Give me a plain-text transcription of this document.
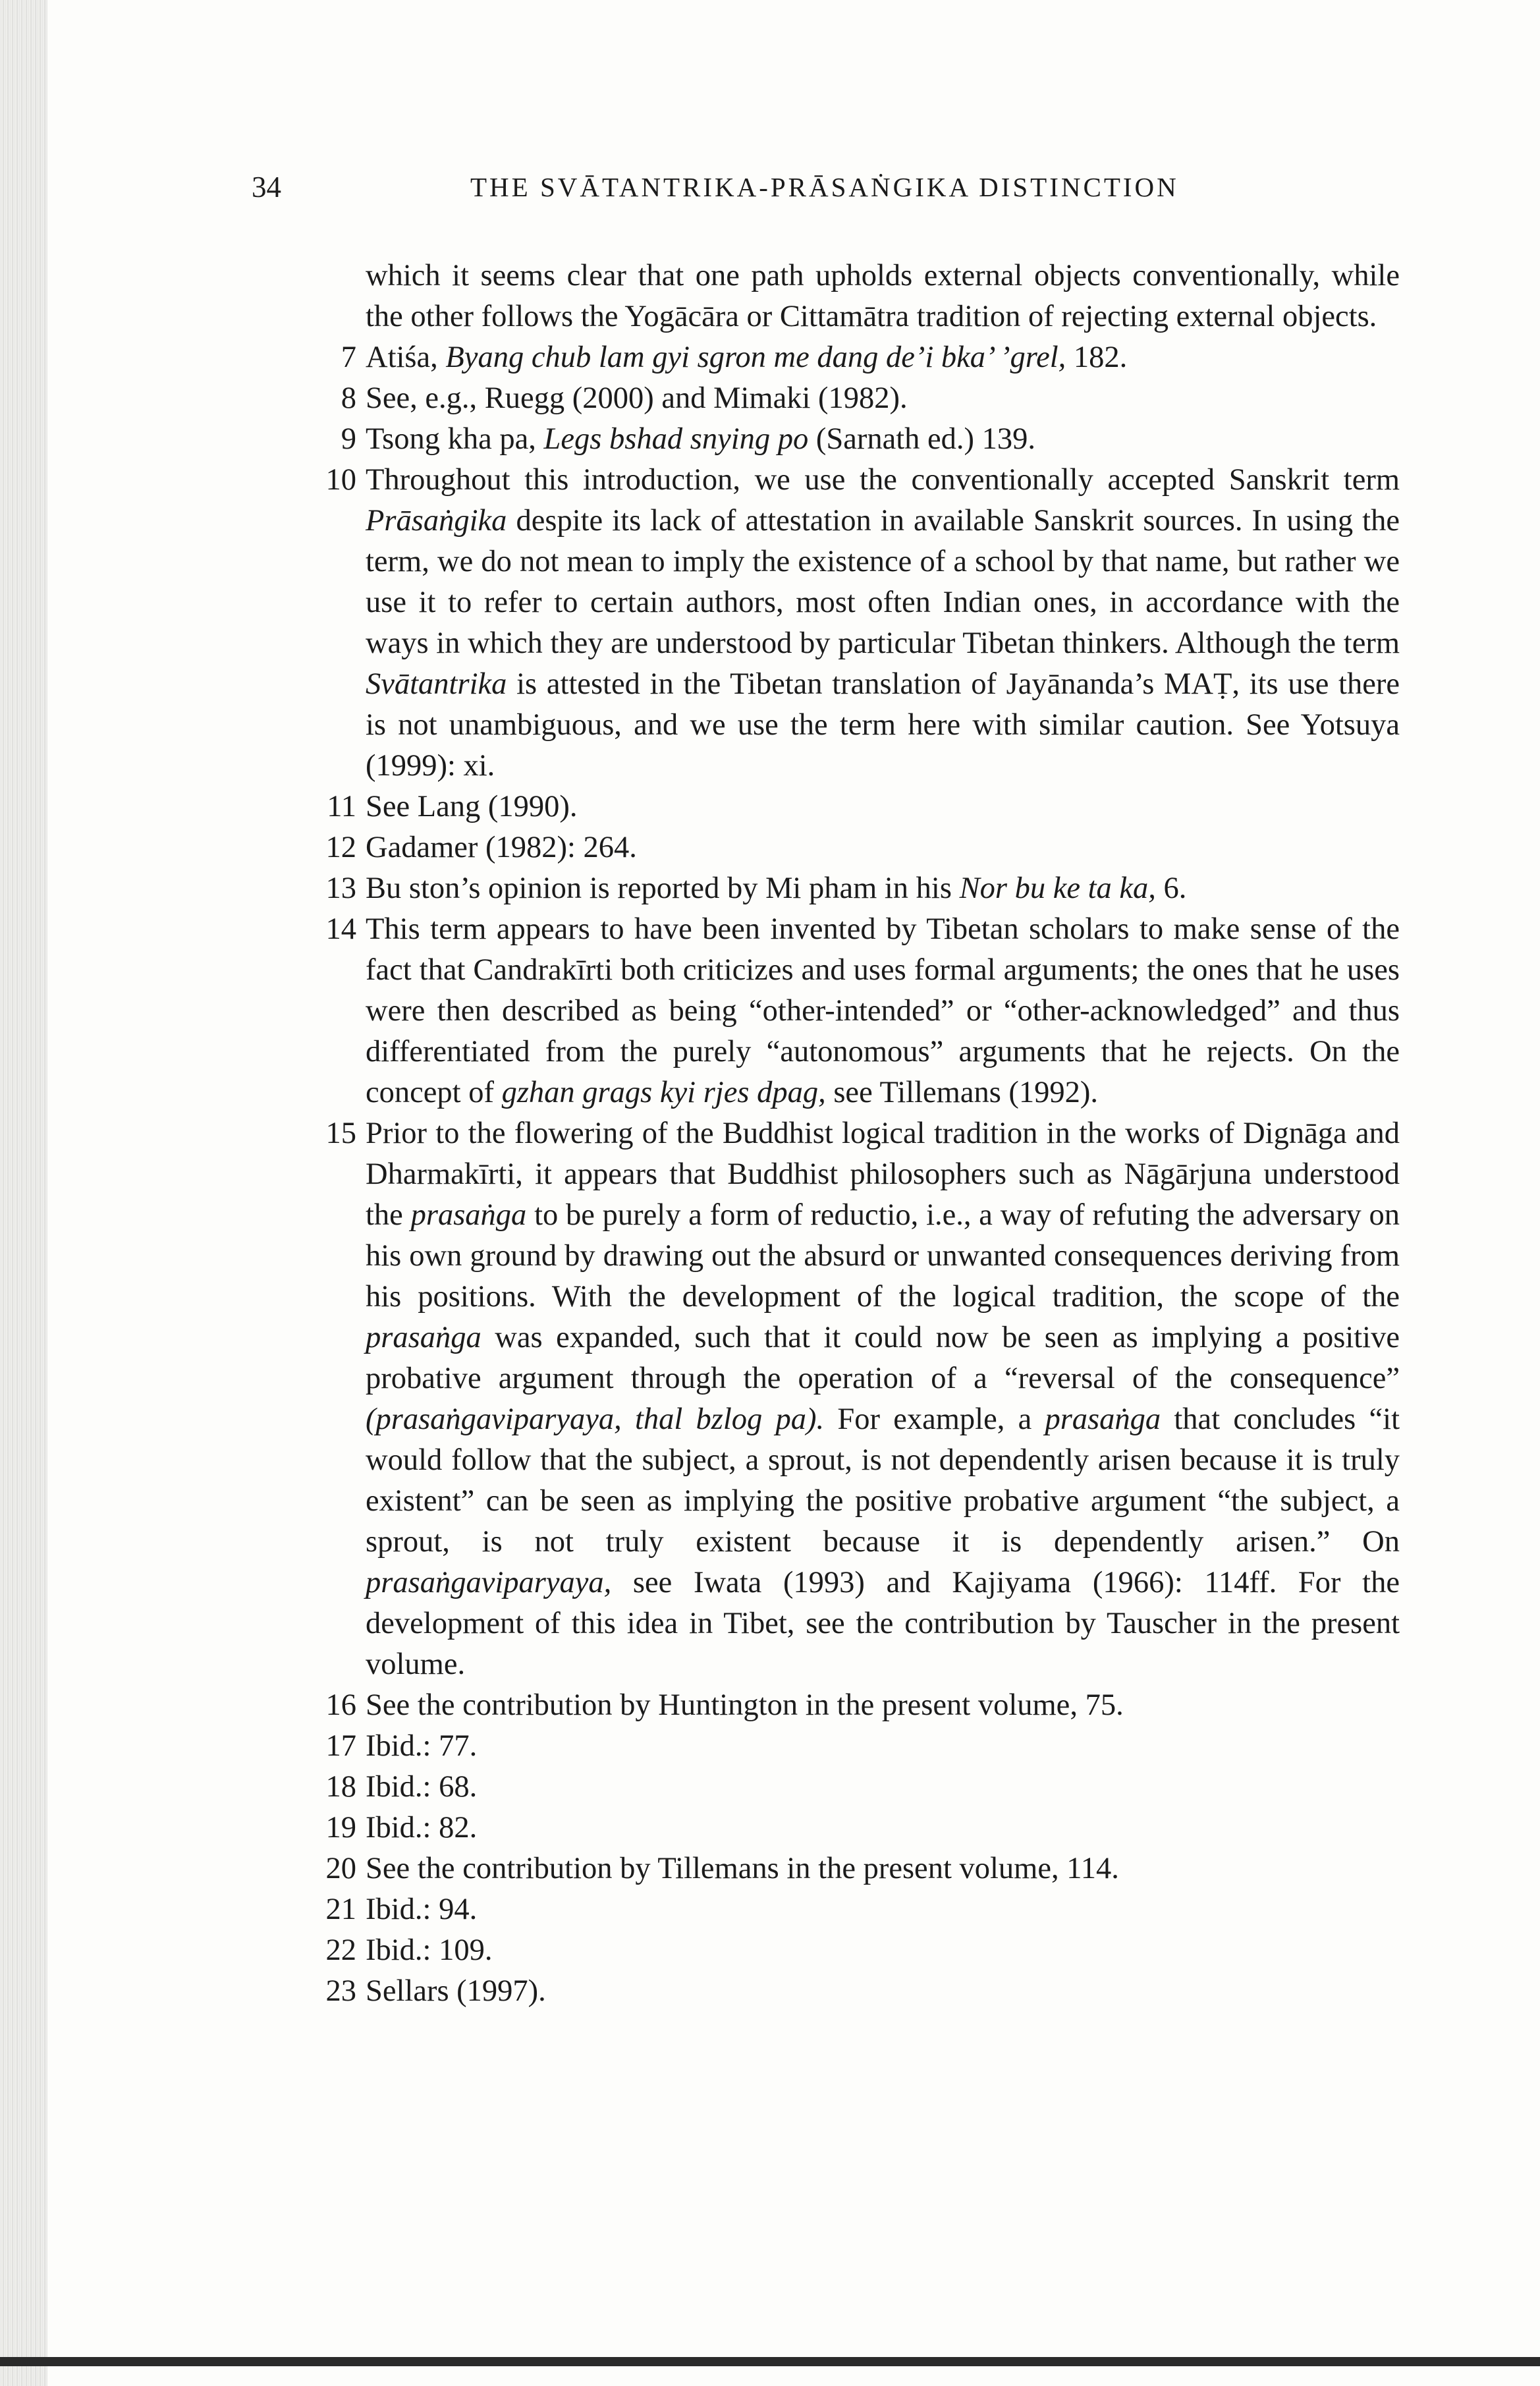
34	THE SVĀTANTRIKA-PRĀSAṄGIKA DISTINCTION

which it seems clear that one path upholds external objects conventionally, while the other follows the Yogācāra or Cittamātra tradition of rejecting external objects.

7 Atiśa, Byang chub lam gyi sgron me dang de’i bka’ ’grel, 182.

8 See, e.g., Ruegg (2000) and Mimaki (1982).

9 Tsong kha pa, Legs bshad snying po (Sarnath ed.) 139.

10 Throughout this introduction, we use the conventionally accepted Sanskrit term Prāsaṅgika despite its lack of attestation in available Sanskrit sources. In using the term, we do not mean to imply the existence of a school by that name, but rather we use it to refer to certain authors, most often Indian ones, in accordance with the ways in which they are understood by particular Tibetan thinkers. Although the term Svātantrika is attested in the Tibetan translation of Jayānanda’s MAṬ, its use there is not unambiguous, and we use the term here with similar caution. See Yotsuya (1999): xi.

11 See Lang (1990).

12 Gadamer (1982): 264.

13 Bu ston’s opinion is reported by Mi pham in his Nor bu ke ta ka, 6.

14 This term appears to have been invented by Tibetan scholars to make sense of the fact that Candrakīrti both criticizes and uses formal arguments; the ones that he uses were then described as being “other-intended” or “other-acknowledged” and thus differentiated from the purely “autonomous” arguments that he rejects. On the concept of gzhan grags kyi rjes dpag, see Tillemans (1992).

15 Prior to the flowering of the Buddhist logical tradition in the works of Dignāga and Dharmakīrti, it appears that Buddhist philosophers such as Nāgārjuna understood the prasaṅga to be purely a form of reductio, i.e., a way of refuting the adversary on his own ground by drawing out the absurd or unwanted consequences deriving from his positions. With the development of the logical tradition, the scope of the prasaṅga was expanded, such that it could now be seen as implying a positive probative argument through the operation of a “reversal of the consequence” (prasaṅgaviparyaya, thal bzlog pa). For example, a prasaṅga that concludes “it would follow that the subject, a sprout, is not dependently arisen because it is truly existent” can be seen as implying the positive probative argument “the subject, a sprout, is not truly existent because it is dependently arisen.” On prasaṅgaviparyaya, see Iwata (1993) and Kajiyama (1966): 114ff. For the development of this idea in Tibet, see the contribution by Tauscher in the present volume.

16 See the contribution by Huntington in the present volume, 75.

17 Ibid.: 77.

18 Ibid.: 68.

19 Ibid.: 82.

20 See the contribution by Tillemans in the present volume, 114.

21 Ibid.: 94.

22 Ibid.: 109.

23 Sellars (1997).
